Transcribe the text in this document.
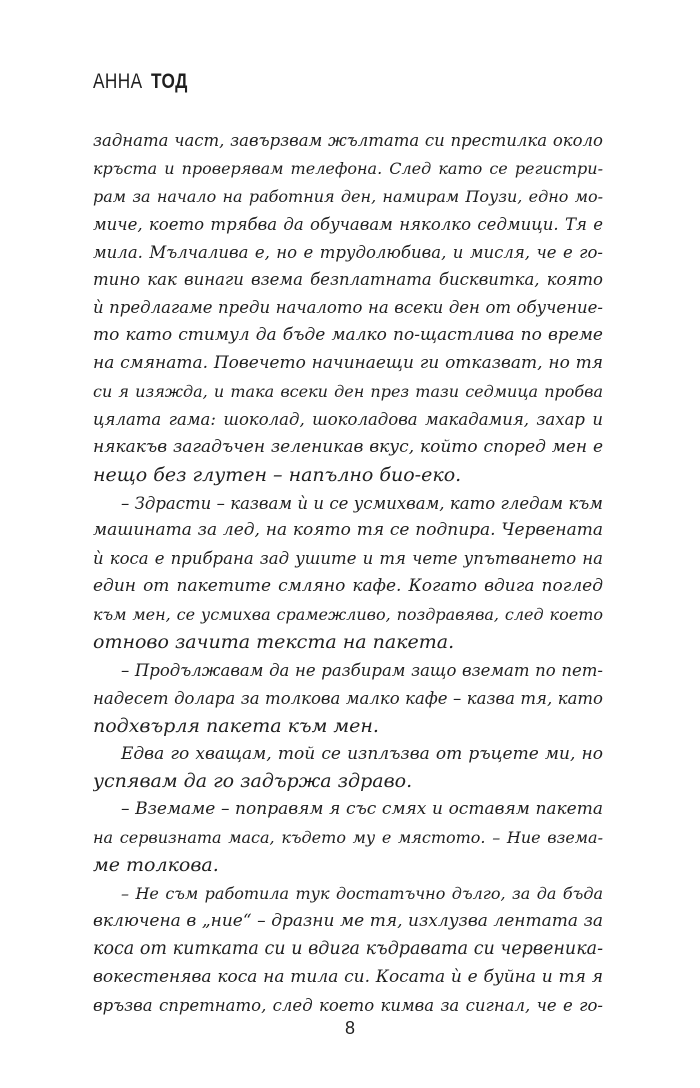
АННА ТОД
задната част, завързвам жълтата си престилка около
кръста и проверявам телефона. След като се регистри-
рам за начало на работния ден, намирам Поузи, едно мо-
миче, което трябва да обучавам няколко седмици. Тя е
мила. Мълчалива е, но е трудолюбива, и мисля, че е го-
тино как винаги взема безплатната бисквитка, която
ѝ предлагаме преди началото на всеки ден от обучение-
то като стимул да бъде малко по-щастлива по време
на смяната. Повечето начинаещи ги отказват, но тя
си я изяжда, и така всеки ден през тази седмица пробва
цялата гама: шоколад, шоколадова макадамия, захар и
някакъв загадъчен зеленикав вкус, който според мен е
нещо без глутен – напълно био-еко.
– Здрасти – казвам ѝ и се усмихвам, като гледам към
машината за лед, на която тя се подпира. Червената
ѝ коса е прибрана зад ушите и тя чете упътването на
един от пакетите смляно кафе. Когато вдига поглед
към мен, се усмихва срамежливо, поздравява, след което
отново зачита текста на пакета.
– Продължавам да не разбирам защо вземат по пет-
надесет долара за толкова малко кафе – казва тя, като
подхвърля пакета към мен.
Едва го хващам, той се изплъзва от ръцете ми, но
успявам да го задържа здраво.
– Вземаме – поправям я със смях и оставям пакета
на сервизната маса, където му е мястото. – Ние взема-
ме толкова.
– Не съм работила тук достатъчно дълго, за да бъда
включена в „ние“ – дразни ме тя, изхлузва лентата за
коса от китката си и вдига къдравата си червеника-
вокестенява коса на тила си. Косата ѝ е буйна и тя я
връзва спретнато, след което кимва за сигнал, че е го-
8
